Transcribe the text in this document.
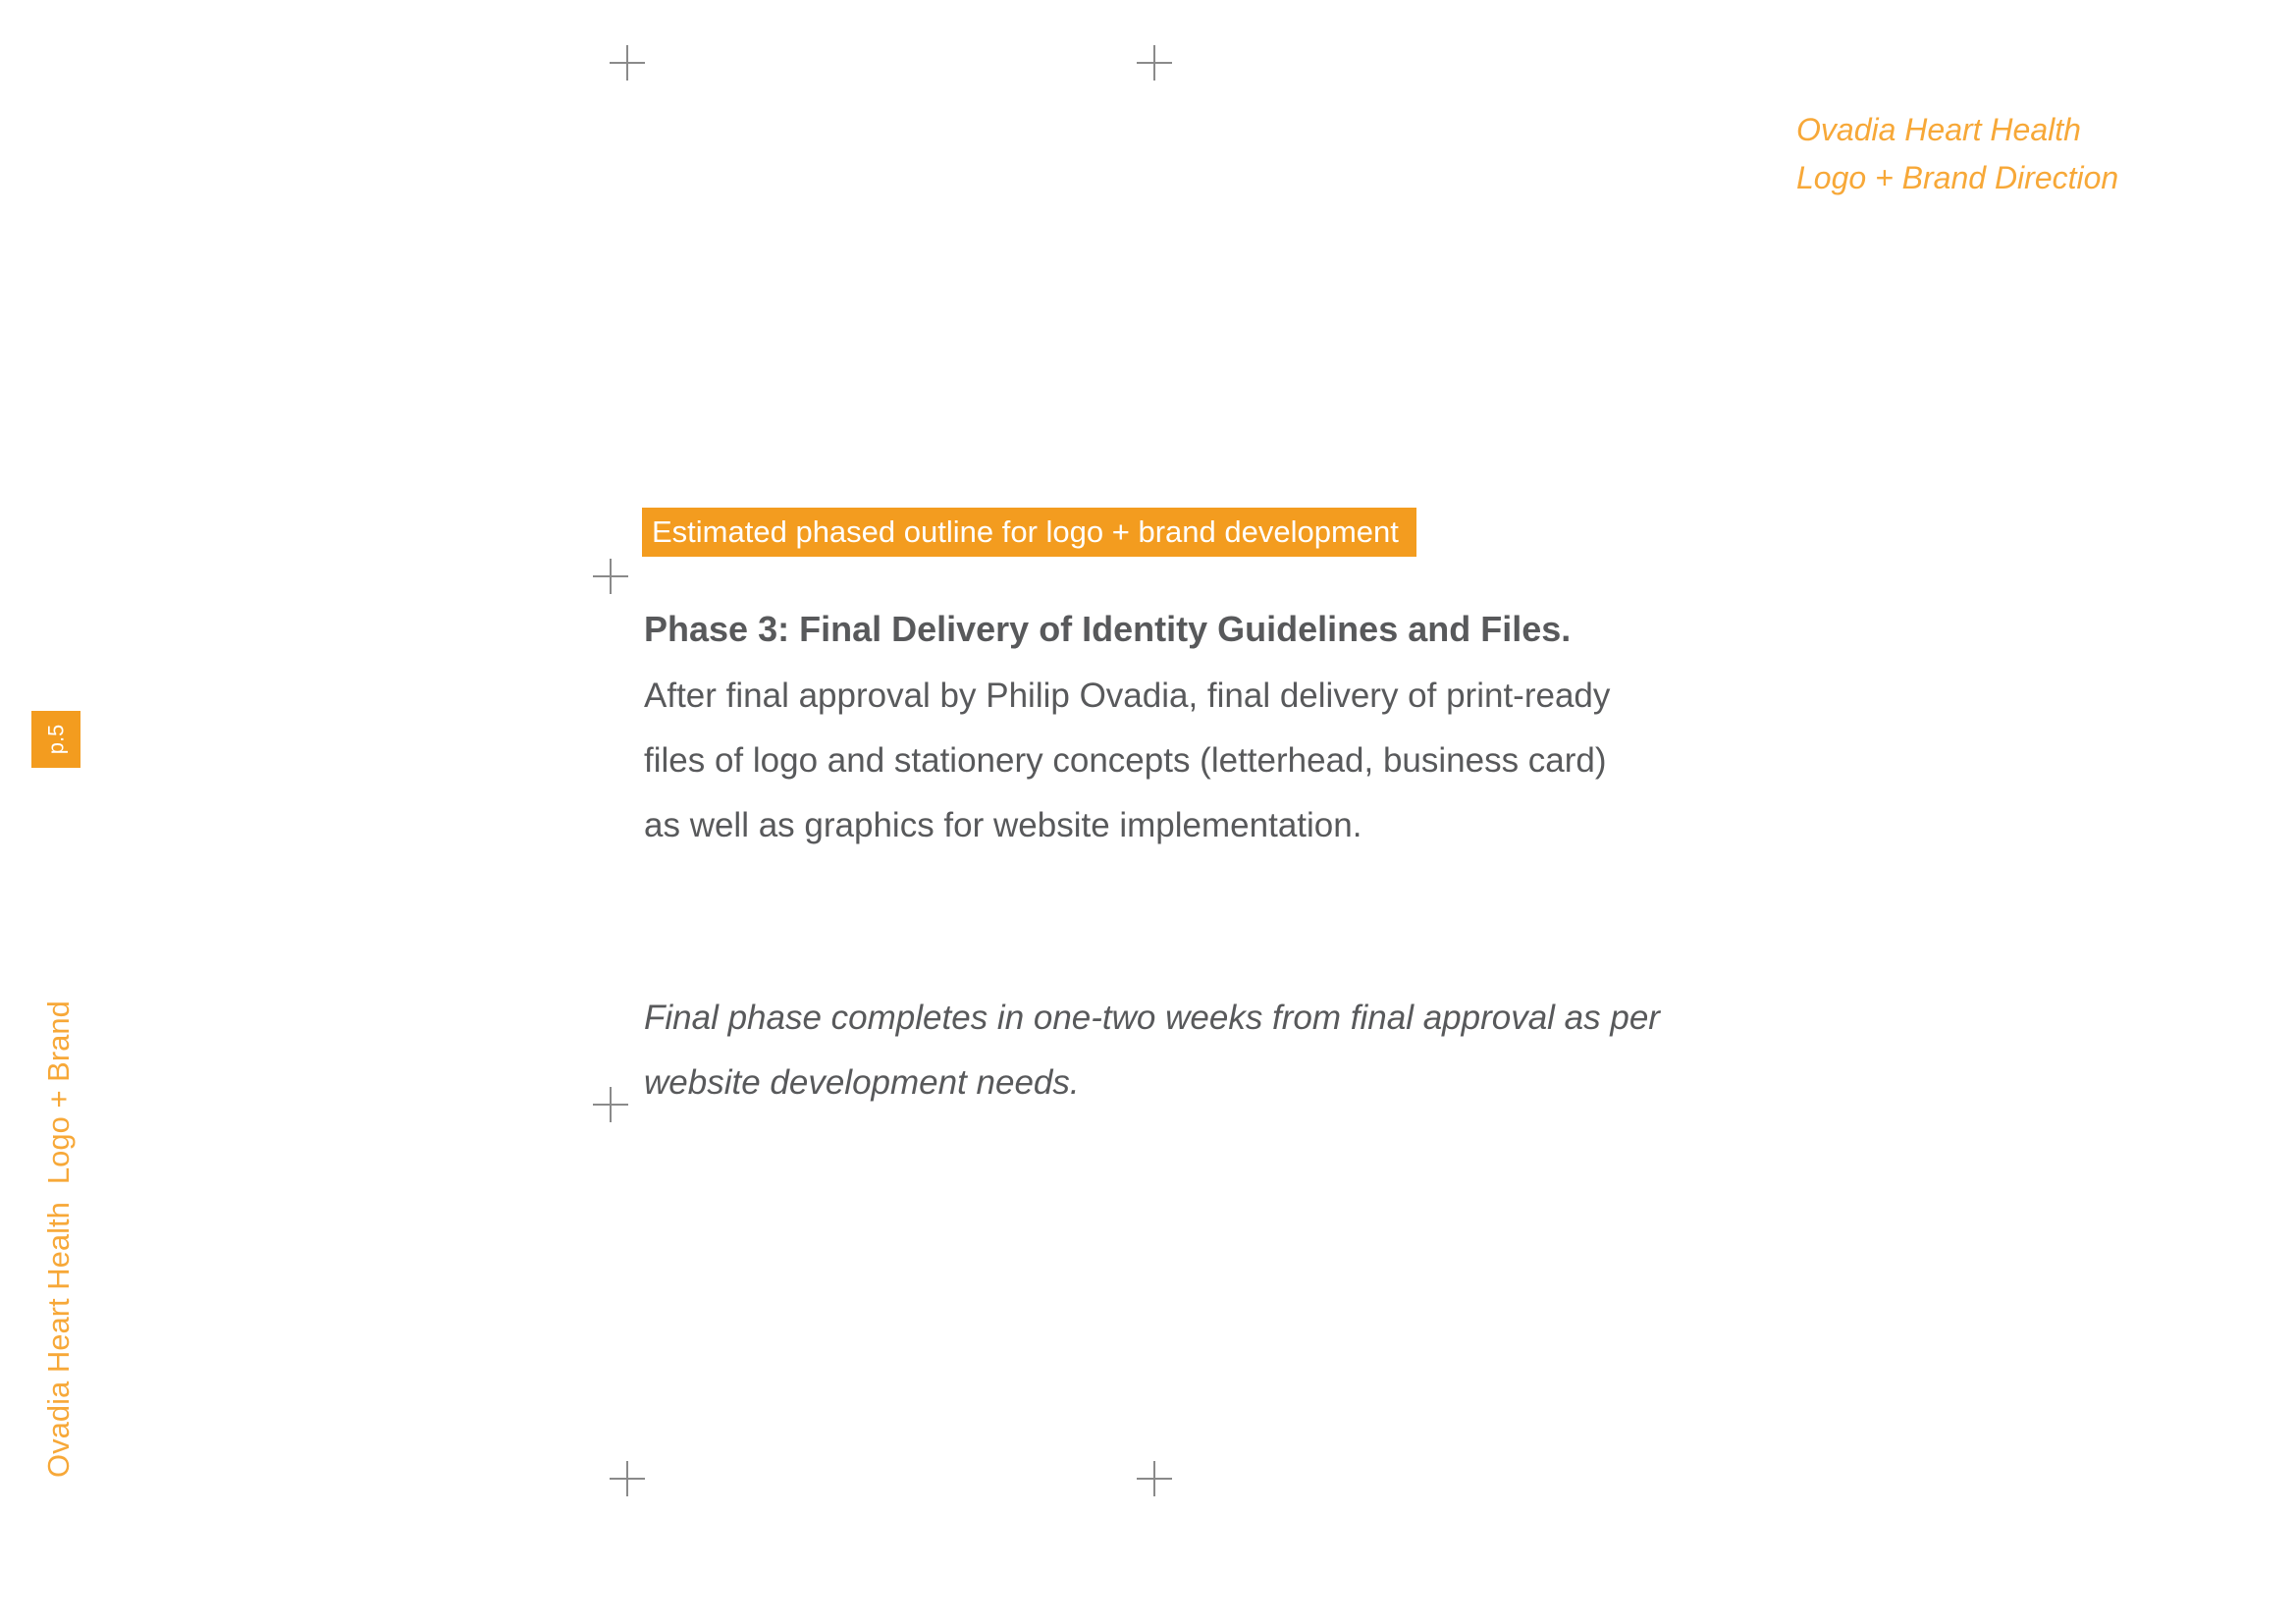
Ovadia Heart Health
Logo + Brand Direction
Estimated phased outline for logo + brand development
Phase 3: Final Delivery of Identity Guidelines and Files.
After final approval by Philip Ovadia, final delivery of print-ready
files of logo and stationery concepts (letterhead, business card)
as well as graphics for website implementation.
Final phase completes in one-two weeks from final approval as per
website development needs.
p.5
Ovadia Heart HealthLogo + Brand
